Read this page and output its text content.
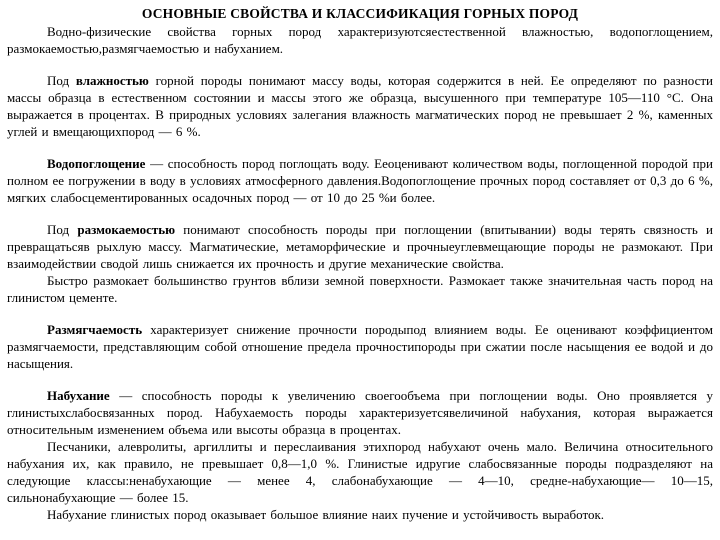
ОСНОВНЫЕ СВОЙСТВА И КЛАССИФИКАЦИЯ ГОРНЫХ ПОРОД

Водно-физические свойства горных пород характеризуютсяестественной влажностью, водопоглощением, размокаемостью,размягчаемостью и набуханием.

Под влажностью горной породы понимают массу воды, которая содержится в ней. Ее определяют по разности массы образца в естественном состоянии и массы этого же образца, высушенного при температуре 105—110 °С. Она выражается в процентах. В природных условиях залегания влажность магматических пород не превышает 2 %, каменных углей и вмещающихпород — 6 %.

Водопоглощение — способность пород поглощать воду. Ееоценивают количеством воды, поглощенной породой при полном ее погружении в воду в условиях атмосферного давления.Водопоглощение прочных пород составляет от 0,3 до 6 %, мягких слабосцементированных осадочных пород — от 10 до 25 %и более.

Под размокаемостью понимают способность породы при поглощении (впитывании) воды терять связность и превращатьсяв рыхлую массу. Магматические, метаморфические и прочныеуглевмещающие породы не размокают. При взаимодействии сводой лишь снижается их прочность и другие механические свойства.

Быстро размокает большинство грунтов вблизи земной поверхности. Размокает также значительная часть пород на глинистом цементе.

Размягчаемость характеризует снижение прочности породыпод влиянием воды. Ее оценивают коэффициентом размягчаемости, представляющим собой отношение предела прочностипороды при сжатии после насыщения ее водой и до насыщения.

Набухание — способность породы к увеличению своегообъема при поглощении воды. Оно проявляется у глинистыхслабосвязанных пород. Набухаемость породы характеризуетсявеличиной набухания, которая выражается относительным изменением объема или высоты образца в процентах.

Песчаники, алевролиты, аргиллиты и переслаивания этихпород набухают очень мало. Величина относительного набухания их, как правило, не превышает 0,8—1,0 %. Глинистые идругие слабосвязанные породы подразделяют на следующие классы:ненабухающие — менее 4, слабонабухающие — 4—10, средне-набухающие— 10—15, сильнонабухающие — более 15.

Набухание глинистых пород оказывает большое влияние наих пучение и устойчивость выработок.
